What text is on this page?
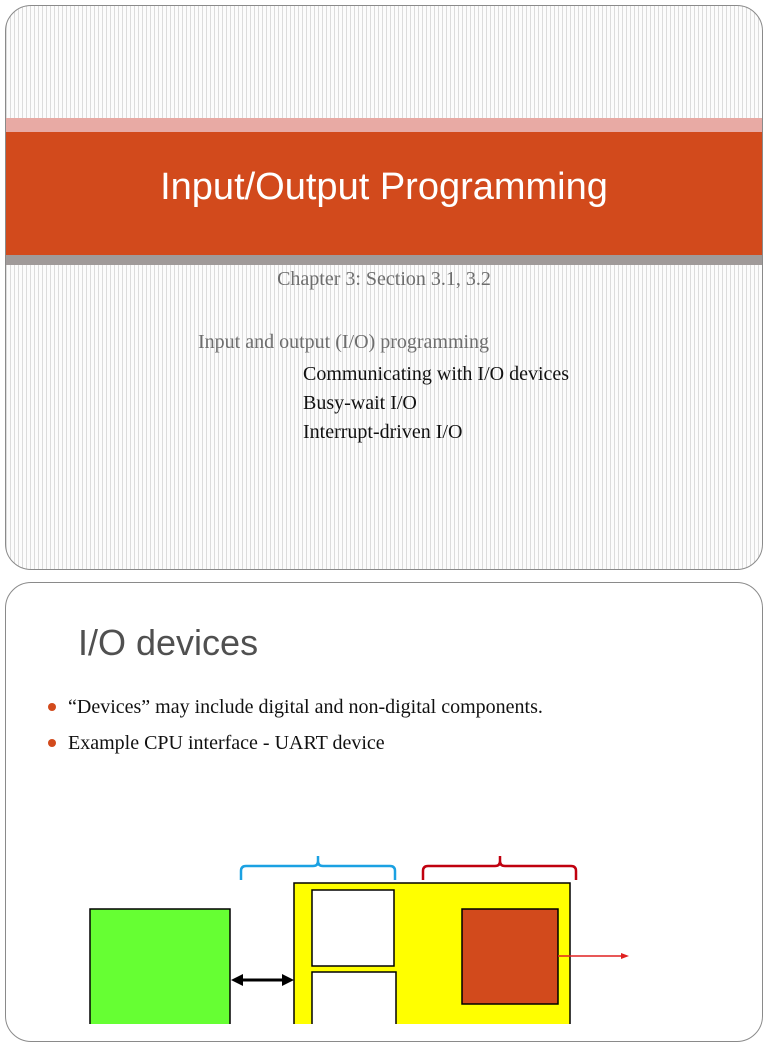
Input/Output Programming
Chapter 3: Section 3.1, 3.2
Input and output (I/O) programming
Communicating with I/O devices
Busy-wait I/O
Interrupt-driven I/O
I/O devices
“Devices” may include digital and non-digital components.
Example CPU interface - UART device
